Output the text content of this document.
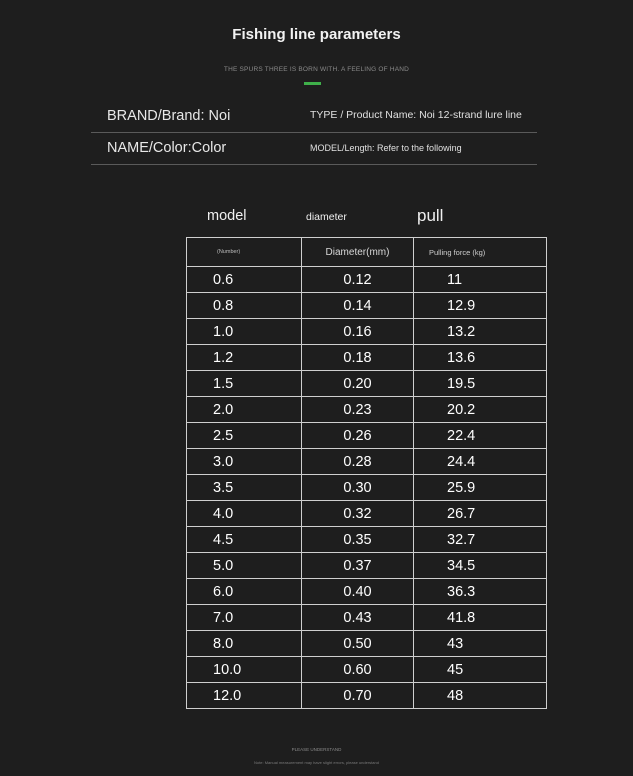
Fishing line parameters
THE SPURS THREE IS BORN WITH. A FEELING OF HAND
BRAND/Brand: Noi	TYPE / Product Name: Noi 12-strand lure line
NAME/Color:Color	MODEL/Length: Refer to the following
model	diameter	pull
(Number)	Diameter(mm)	Pulling force (kg)
0.6	0.12	11
0.8	0.14	12.9
1.0	0.16	13.2
1.2	0.18	13.6
1.5	0.20	19.5
2.0	0.23	20.2
2.5	0.26	22.4
3.0	0.28	24.4
3.5	0.30	25.9
4.0	0.32	26.7
4.5	0.35	32.7
5.0	0.37	34.5
6.0	0.40	36.3
7.0	0.43	41.8
8.0	0.50	43
10.0	0.60	45
12.0	0.70	48
PLEASE UNDERSTAND
Note: Manual measurement may have slight errors, please understand
